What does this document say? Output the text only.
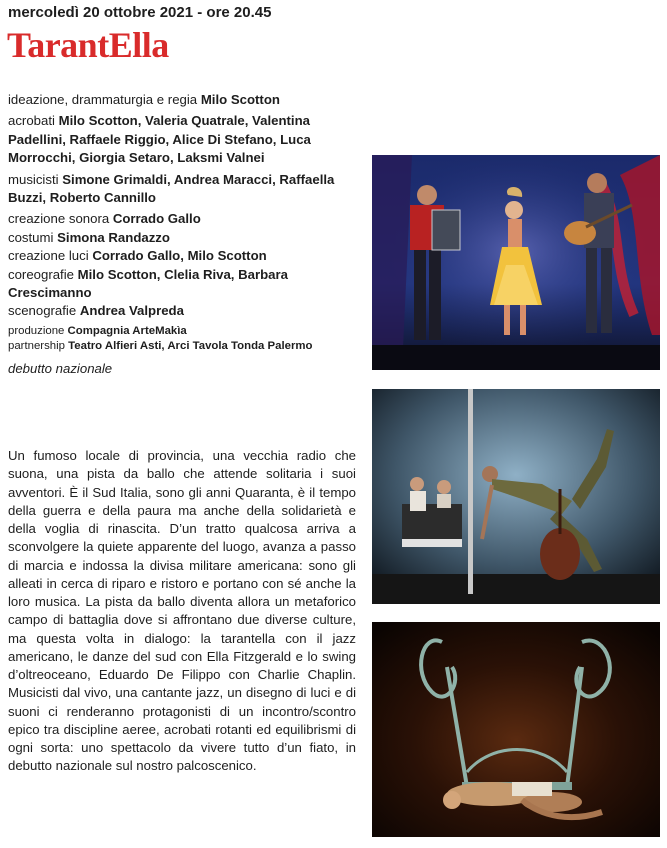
mercoledì 20 ottobre 2021 - ore 20.45
TarantElla

ideazione, drammaturgia e regia Milo Scotton

acrobati Milo Scotton, Valeria Quatrale, Valentina Padellini, Raffaele Riggio, Alice Di Stefano, Luca Morrocchi, Giorgia Setaro, Laksmi Valnei

musicisti Simone Grimaldi, Andrea Maracci, Raffaella Buzzi, Roberto Cannillo

creazione sonora Corrado Gallo

costumi Simona Randazzo

creazione luci Corrado Gallo, Milo Scotton

coreografie Milo Scotton, Clelia Riva, Barbara Crescimanno

scenografie Andrea Valpreda

produzione Compagnia ArteMakìa

partnership Teatro Alfieri Asti, Arci Tavola Tonda Palermo

debutto nazionale

Un fumoso locale di provincia, una vecchia radio che suona, una pista da ballo che attende solitaria i suoi avventori. È il Sud Italia, sono gli anni Quaranta, è il tempo della guerra e della paura ma anche della solidarietà e della voglia di rinascita. D’un tratto qualcosa arriva a sconvolgere la quiete apparente del luogo, avanza a passo di marcia e indossa la divisa militare americana: sono gli alleati in cerca di riparo e ristoro e portano con sé anche la loro musica. La pista da ballo diventa allora un metaforico campo di battaglia dove si affrontano due diverse culture, ma questa volta in dialogo: la tarantella con il jazz americano, le danze del sud con Ella Fitzgerald e lo swing d’oltreoceano, Eduardo De Filippo con Charlie Chaplin. Musicisti dal vivo, una cantante jazz, un disegno di luci e di suoni ci renderanno protagonisti di un incontro/scontro epico tra discipline aeree, acrobati rotanti ed equilibrismi di ogni sorta: uno spettacolo da vivere tutto d’un fiato, in debutto nazionale sul nostro palcoscenico.
